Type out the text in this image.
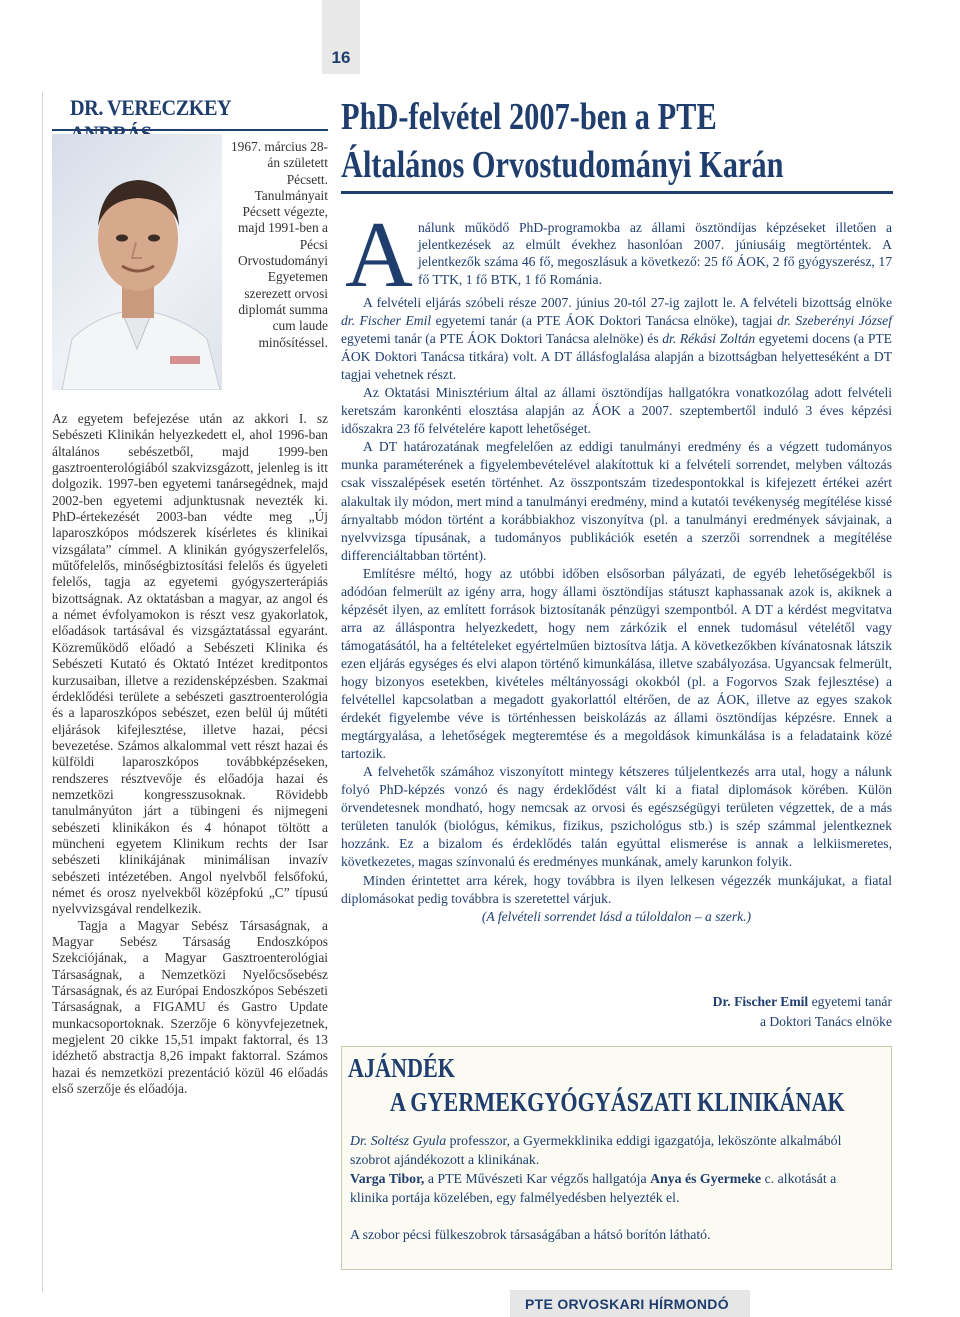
16
DR. VERECZKEY
1967. március 28-án született Pécsett. Tanulmányait Pécsett végezte, majd 1991-ben a Pécsi Orvostudományi Egyetemen szerezett orvosi diplomát summa cum laude minősítéssel.

Az egyetem befejezése után az akkori I. sz Sebészeti Klinikán helyezkedett el, ahol 1996-ban általános sebészetből, majd 1999-ben gasztroenterológiából szakvizsgázott, jelenleg is itt dolgozik. 1997-ben egyetemi tanársegédnek, majd 2002-ben egyetemi adjunktusnak nevezték ki. PhD-értekezését 2003-ban védte meg „Új laparoszkópos módszerek kísérletes és klinikai vizsgálata” címmel. A klinikán gyógyszerfelelős, műtőfelelős, minőségbiztosítási felelős és ügyeleti felelős, tagja az egyetemi gyógyszerterápiás bizottságnak. Az oktatásban a magyar, az angol és a német évfolyamokon is részt vesz gyakorlatok, előadások tartásával és vizsgáztatással egyaránt. Közreműködő előadó a Sebészeti Klinika és Sebészeti Kutató és Oktató Intézet kreditpontos kurzusaiban, illetve a rezidensképzésben. Szakmai érdeklődési területe a sebészeti gasztroenterológia és a laparoszkópos sebészet, ezen belül új műtéti eljárások kifejlesztése, illetve hazai, pécsi bevezetése. Számos alkalommal vett részt hazai és külföldi laparoszkópos továbbképzéseken, rendszeres résztvevője és előadója hazai és nemzetközi kongresszusoknak. Rövidebb tanulmányúton járt a tübingeni és nijmegeni sebészeti klinikákon és 4 hónapot töltött a müncheni egyetem Klinikum rechts der Isar sebészeti klinikájának minimálisan invazív sebészeti intézetében. Angol nyelvből felsőfokú, német és orosz nyelvekből középfokú „C” típusú nyelvvizsgával rendelkezik.

Tagja a Magyar Sebész Társaságnak, a Magyar Sebész Társaság Endoszkópos Szekciójának, a Magyar Gasztroenterológiai Társaságnak, a Nemzetközi Nyelőcsősebész Társaságnak, és az Európai Endoszkópos Sebészeti Társaságnak, a FIGAMU és Gastro Update munkacsoportoknak. Szerzője 6 könyvfejezetnek, megjelent 20 cikke 15,51 impakt faktorral, és 13 idézhető abstractja 8,26 impakt faktorral. Számos hazai és nemzetközi prezentáció közül 46 előadás első szerzője és előadója.

PhD-felvétel 2007-ben a PTE
Általános Orvostudományi Karán
A nálunk működő PhD-programokba az állami ösztöndíjas képzéseket illetően a jelentkezések az elmúlt évekhez hasonlóan 2007. júniusáig megtörténtek. A jelentkezők száma 46 fő, megoszlásuk a következő: 25 fő ÁOK, 2 fő gyógyszerész, 17 fő TTK, 1 fő BTK, 1 fő Románia.

A felvételi eljárás szóbeli része 2007. június 20-tól 27-ig zajlott le. A felvételi bizottság elnöke dr. Fischer Emil egyetemi tanár (a PTE ÁOK Doktori Tanácsa elnöke), tagjai dr. Szeberényi József egyetemi tanár (a PTE ÁOK Doktori Tanácsa alelnöke) és dr. Rékási Zoltán egyetemi docens (a PTE ÁOK Doktori Tanácsa titkára) volt. A DT állásfoglalása alapján a bizottságban helyetteséként a DT tagjai vehetnek részt.

Az Oktatási Minisztérium által az állami ösztöndíjas hallgatókra vonatkozólag adott felvételi keretszám karonkénti elosztása alapján az ÁOK a 2007. szeptembertől induló 3 éves képzési időszakra 23 fő felvételére kapott lehetőséget.

A DT határozatának megfelelően az eddigi tanulmányi eredmény és a végzett tudományos munka paraméterének a figyelembevételével alakítottuk ki a felvételi sorrendet, melyben változás csak visszalépések esetén történhet. Az összpontszám tizedespontokkal is kifejezett értékei azért alakultak ily módon, mert mind a tanulmányi eredmény, mind a kutatói tevékenység megítélése kissé árnyaltabb módon történt a korábbiakhoz viszonyítva (pl. a tanulmányi eredmények sávjainak, a nyelvvizsga típusának, a tudományos publikációk esetén a szerzői sorrendnek a megítélése differenciáltabban történt).

Említésre méltó, hogy az utóbbi időben elsősorban pályázati, de egyéb lehetőségekből is adódóan felmerült az igény arra, hogy állami ösztöndíjas státuszt kaphassanak azok is, akiknek a képzését ilyen, az említett források biztosítanák pénzügyi szempontból. A DT a kérdést megvitatva arra az álláspontra helyezkedett, hogy nem zárkózik el ennek tudomásul vételétől vagy támogatásától, ha a feltételeket egyértelműen biztosítva látja. A következőkben kívánatosnak látszik ezen eljárás egységes és elvi alapon történő kimunkálása, illetve szabályozása. Ugyancsak felmerült, hogy bizonyos esetekben, kivételes méltányossági okokból (pl. a Fogorvos Szak fejlesztése) a felvétellel kapcsolatban a megadott gyakorlattól eltérően, de az ÁOK, illetve az egyes szakok érdekét figyelembe véve is történhessen beiskolázás az állami ösztöndíjas képzésre. Ennek a megtárgyalása, a lehetőségek megteremtése és a megoldások kimunkálása is a feladataink közé tartozik.

A felvehetők számához viszonyított mintegy kétszeres túljelentkezés arra utal, hogy a nálunk folyó PhD-képzés vonzó és nagy érdeklődést vált ki a fiatal diplomások körében. Külön örvendetesnek mondható, hogy nemcsak az orvosi és egészségügyi területen végzettek, de a más területen tanulók (biológus, kémikus, fizikus, pszichológus stb.) is szép számmal jelentkeznek hozzánk. Ez a bizalom és érdeklődés talán egyúttal elismerése is annak a lelkiismeretes, következetes, magas színvonalú és eredményes munkának, amely karunkon folyik.

Minden érintettet arra kérek, hogy továbbra is ilyen lelkesen végezzék munkájukat, a fiatal diplomásokat pedig továbbra is szeretettel várjuk.

(A felvételi sorrendet lásd a túloldalon – a szerk.)

Dr. Fischer Emil egyetemi tanár
a Doktori Tanács elnöke
AJÁNDÉK
A GYERMEKGYÓGYÁSZATI KLINIKÁNAK

Dr. Soltész Gyula professzor, a Gyermekklinika eddigi igazgatója, leköszönte alkalmából szobrot ajándékozott a klinikának.

Varga Tibor, a PTE Művészeti Kar végzős hallgatója Anya és Gyermeke c. alkotását a klinika portája közelében, egy falmélyedésben helyezték el.

A szobor pécsi fülkeszobrok társaságában a hátsó borítón látható.
PTE ORVOSKARI HÍRMONDÓ
